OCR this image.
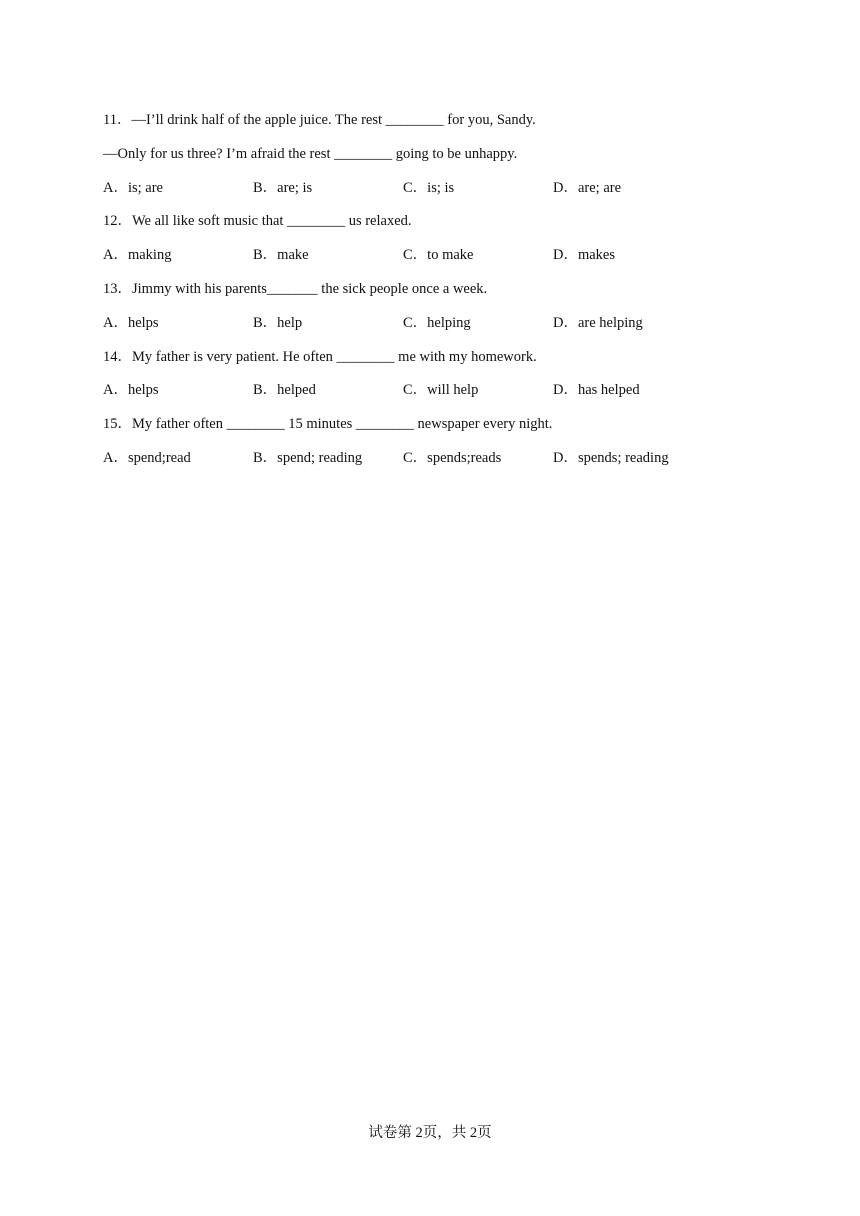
11．—I’ll drink half of the apple juice. The rest ________ for you, Sandy.
—Only for us three? I’m afraid the rest ________ going to be unhappy.
A．is; are	B．are; is	C．is; is	D．are; are
12．We all like soft music that ________ us relaxed.
A．making	B．make	C．to make	D．makes
13．Jimmy with his parents_______ the sick people once a week.
A．helps	B．help	C．helping	D．are helping
14．My father is very patient. He often ________ me with my homework.
A．helps	B．helped	C．will help	D．has helped
15．My father often ________ 15 minutes ________ newspaper every night.
A．spend;read	B．spend; reading	C．spends;reads	D．spends; reading
试卷第 2页，共 2页
